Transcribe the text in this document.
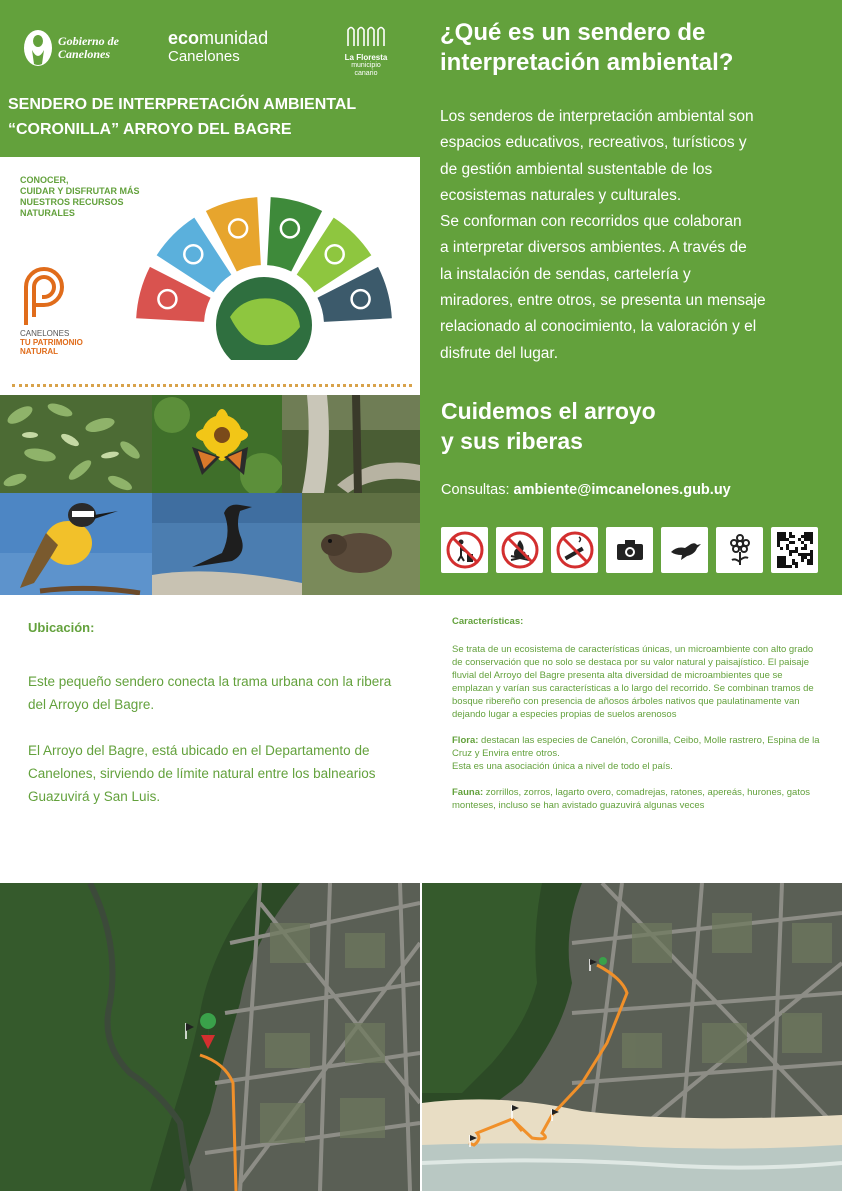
Gobierno de
Canelones
ecomunidad
Canelones	La Floresta
municipio
canario
SENDERO DE INTERPRETACIÓN AMBIENTAL
“CORONILLA” ARROYO DEL BAGRE
CONOCER,
CUIDAR Y DISFRUTAR MÁS
NUESTROS RECURSOS
NATURALES
CANELONES
TU PATRIMONIO
NATURAL
¿Qué es un sendero de
interpretación ambiental?
Los senderos de interpretación ambiental son
espacios educativos, recreativos, turísticos y
de gestión ambiental sustentable de los
ecosistemas naturales y culturales.
Se conforman con recorridos que colaboran
a interpretar diversos ambientes. A través de
la instalación de sendas, cartelería y
miradores, entre otros, se presenta un mensaje
relacionado al conocimiento, la valoración y el
disfrute del lugar.
Cuidemos el arroyo
y sus riberas
Consultas: ambiente@imcanelones.gub.uy
Ubicación:
Este pequeño sendero conecta la trama urbana con la ribera del Arroyo del Bagre.
El Arroyo del Bagre, está ubicado en el Departamento de Canelones, sirviendo de límite natural entre los balnearios Guazuvirá y San Luis.
Características:

Se trata de un ecosistema de características únicas, un microambiente con alto grado de conservación que no solo se destaca por su valor natural y paisajístico. El paisaje fluvial del Arroyo del Bagre presenta alta diversidad de microambientes que se emplazan y varían sus características a lo largo del recorrido. Se combinan tramos de bosque ribereño con presencia de añosos árboles nativos que paulatinamente van dejando lugar a especies propias de suelos arenosos

Flora: destacan las especies de Canelón, Coronilla, Ceibo, Molle rastrero, Espina de la Cruz y Envira entre otros.
Esta es una asociación única a nivel de todo el país.

Fauna: zorrillos, zorros, lagarto overo, comadrejas, ratones, apereás, hurones, gatos monteses, incluso se han avistado guazuvirá algunas veces
